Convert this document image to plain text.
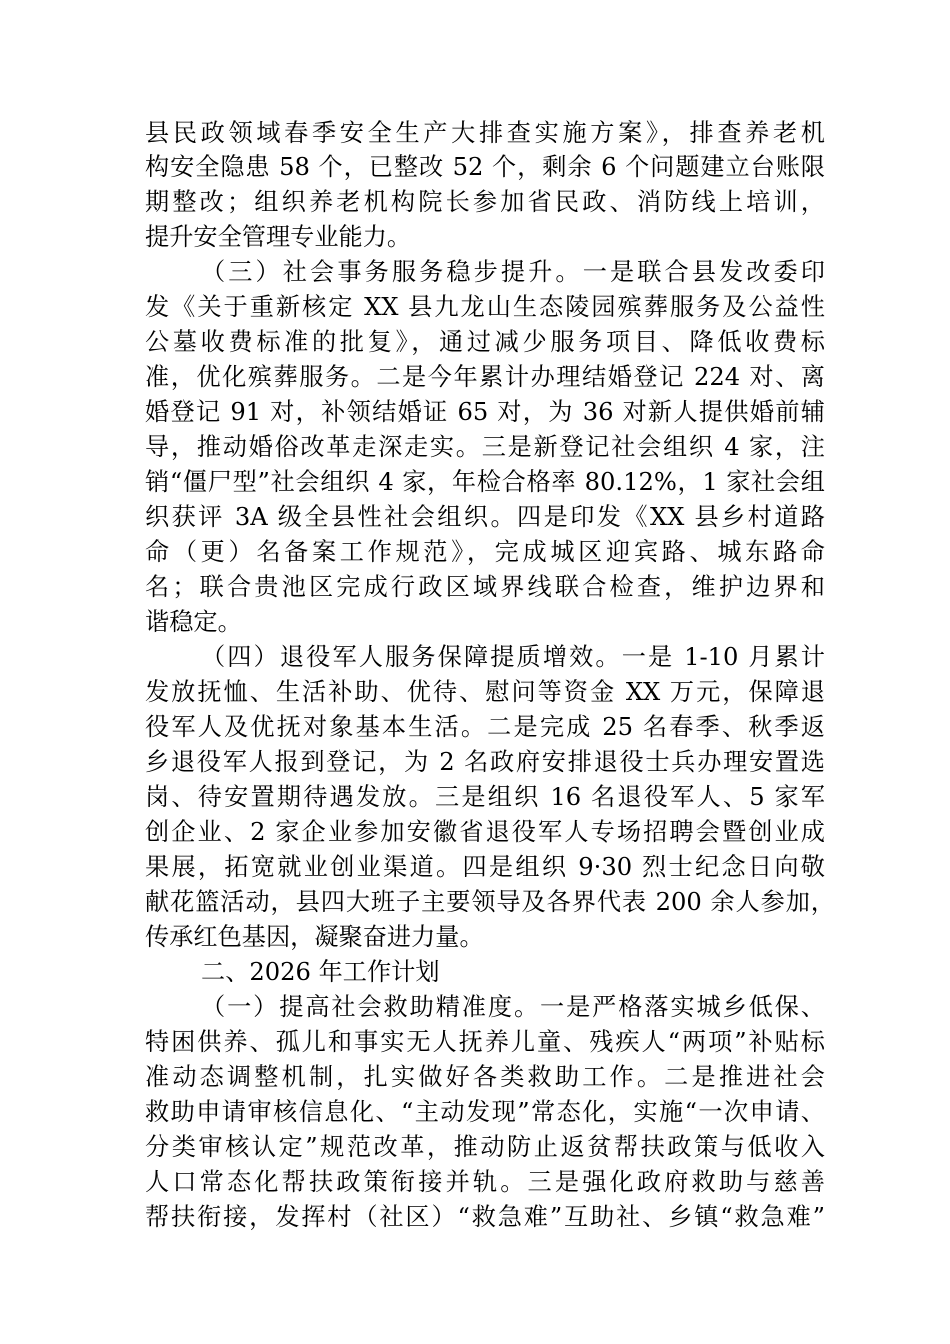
县民政领域春季安全生产大排查实施方案》，排查养老机
构安全隐患 58 个，已整改 52 个，剩余 6 个问题建立台账限
期整改；组织养老机构院长参加省民政、消防线上培训，
提升安全管理专业能力。
（三）社会事务服务稳步提升。一是联合县发改委印
发《关于重新核定 XX 县九龙山生态陵园殡葬服务及公益性
公墓收费标准的批复》，通过减少服务项目、降低收费标
准，优化殡葬服务。二是今年累计办理结婚登记 224 对、离
婚登记 91 对，补领结婚证 65 对，为 36 对新人提供婚前辅
导，推动婚俗改革走深走实。三是新登记社会组织 4 家，注
销“僵尸型”社会组织 4 家，年检合格率 80.12%，1 家社会组
织获评 3A 级全县性社会组织。四是印发《XX 县乡村道路
命（更）名备案工作规范》，完成城区迎宾路、城东路命
名；联合贵池区完成行政区域界线联合检查，维护边界和
谐稳定。
（四）退役军人服务保障提质增效。一是 1-10 月累计
发放抚恤、生活补助、优待、慰问等资金 XX 万元，保障退
役军人及优抚对象基本生活。二是完成 25 名春季、秋季返
乡退役军人报到登记，为 2 名政府安排退役士兵办理安置选
岗、待安置期待遇发放。三是组织 16 名退役军人、5 家军
创企业、2 家企业参加安徽省退役军人专场招聘会暨创业成
果展，拓宽就业创业渠道。四是组织 9·30 烈士纪念日向敬
献花篮活动，县四大班子主要领导及各界代表 200 余人参加，
传承红色基因，凝聚奋进力量。
二、2026 年工作计划
（一）提高社会救助精准度。一是严格落实城乡低保、
特困供养、孤儿和事实无人抚养儿童、残疾人“两项”补贴标
准动态调整机制，扎实做好各类救助工作。二是推进社会
救助申请审核信息化、“主动发现”常态化，实施“一次申请、
分类审核认定”规范改革，推动防止返贫帮扶政策与低收入
人口常态化帮扶政策衔接并轨。三是强化政府救助与慈善
帮扶衔接，发挥村（社区）“救急难”互助社、乡镇“救急难”
